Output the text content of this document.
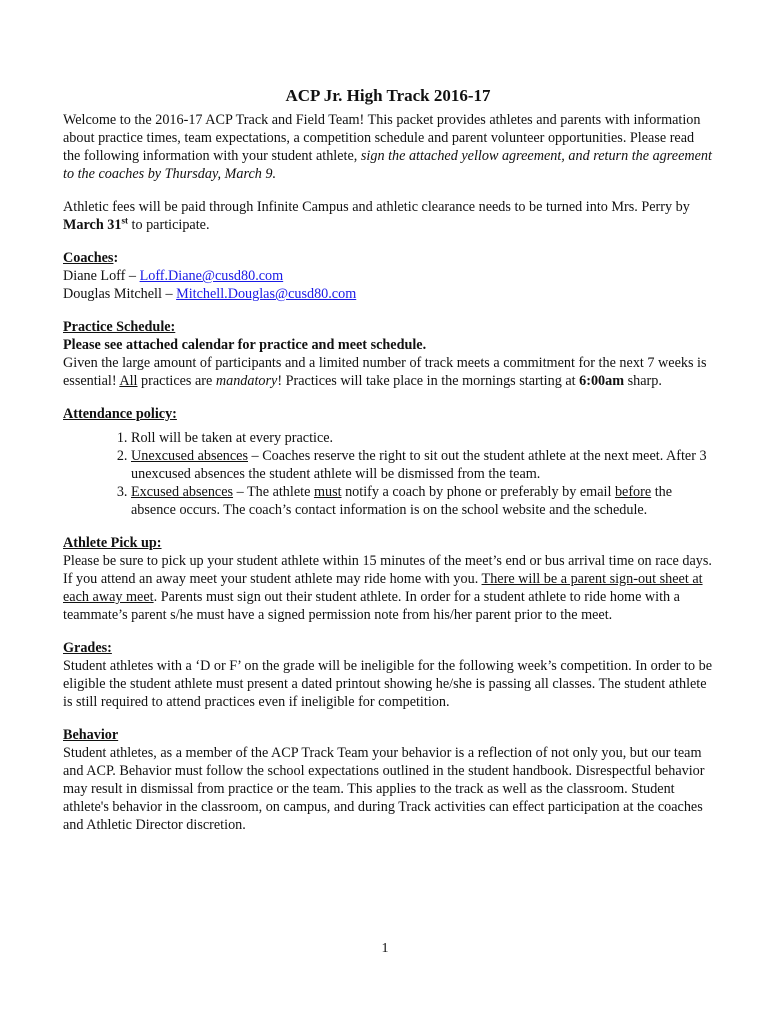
ACP Jr. High Track 2016-17

Welcome to the 2016-17 ACP Track and Field Team! This packet provides athletes and parents with information about practice times, team expectations, a competition schedule and parent volunteer opportunities. Please read the following information with your student athlete, sign the attached yellow agreement, and return the agreement to the coaches by Thursday, March 9.

Athletic fees will be paid through Infinite Campus and athletic clearance needs to be turned into Mrs. Perry by March 31st to participate.

Coaches:

Diane Loff – Loff.Diane@cusd80.com

Douglas Mitchell – Mitchell.Douglas@cusd80.com

Practice Schedule:

Please see attached calendar for practice and meet schedule.

Given the large amount of participants and a limited number of track meets a commitment for the next 7 weeks is essential! All practices are mandatory! Practices will take place in the mornings starting at 6:00am sharp.

Attendance policy:

1. Roll will be taken at every practice.
2. Unexcused absences – Coaches reserve the right to sit out the student athlete at the next meet. After 3 unexcused absences the student athlete will be dismissed from the team.
3. Excused absences – The athlete must notify a coach by phone or preferably by email before the absence occurs. The coach’s contact information is on the school website and the schedule.

Athlete Pick up:

Please be sure to pick up your student athlete within 15 minutes of the meet’s end or bus arrival time on race days. If you attend an away meet your student athlete may ride home with you. There will be a parent sign-out sheet at each away meet. Parents must sign out their student athlete. In order for a student athlete to ride home with a teammate’s parent s/he must have a signed permission note from his/her parent prior to the meet.

Grades:

Student athletes with a ‘D or F’ on the grade will be ineligible for the following week’s competition. In order to be eligible the student athlete must present a dated printout showing he/she is passing all classes. The student athlete is still required to attend practices even if ineligible for competition.

Behavior

Student athletes, as a member of the ACP Track Team your behavior is a reflection of not only you, but our team and ACP. Behavior must follow the school expectations outlined in the student handbook. Disrespectful behavior may result in dismissal from practice or the team. This applies to the track as well as the classroom. Student athlete's behavior in the classroom, on campus, and during Track activities can effect participation at the coaches and Athletic Director discretion.

1
